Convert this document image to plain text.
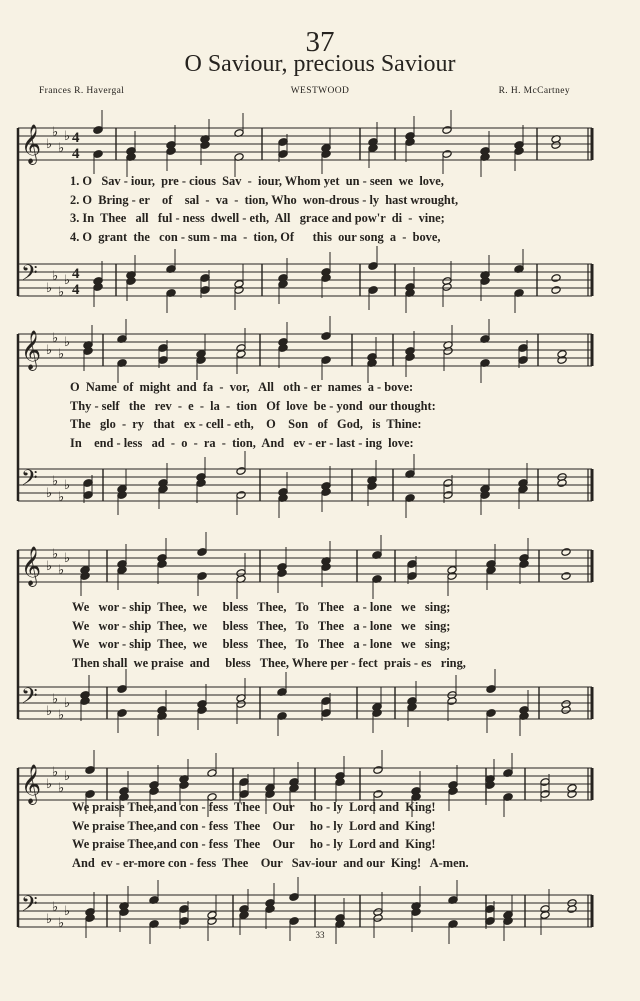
37
O Saviour, precious Saviour
Frances R. Havergal	WESTWOOD	R. H. McCartney
𝄞 ♭
♭
♭
♭ 4
4
𝄢 ♭
♭
♭
♭ 4
4
1. O   Sav - iour,  pre - cious  Sav  -  iour, Whom yet  un - seen  we  love,
2. O  Bring - er    of    sal  -  va  -  tion, Who  won-drous - ly  hast wrought,
3. In  Thee   all   ful - ness  dwell - eth,  All   grace and pow'r  di  -  vine;
4. O  grant  the   con - sum - ma  -  tion, Of      this  our song  a  -  bove,
𝄞 ♭
♭
♭
♭
𝄢 ♭
♭
♭
♭
O  Name  of  might  and  fa  -  vor,   All   oth - er  names  a - bove:
Thy - self   the   rev  -  e  -  la  -  tion   Of  love  be - yond  our thought:
The   glo  -  ry   that   ex - cell - eth,    O    Son   of   God,   is  Thine:
In    end - less   ad  -  o  -  ra  -  tion,  And   ev - er - last - ing  love:
𝄞 ♭
♭
♭
♭
𝄢 ♭
♭
♭
♭
We   wor - ship  Thee,  we     bless   Thee,   To   Thee   a - lone   we   sing;
We   wor - ship  Thee,  we     bless   Thee,   To   Thee   a - lone   we   sing;
We   wor - ship  Thee,  we     bless   Thee,   To   Thee   a - lone   we   sing;
Then shall  we praise  and     bless   Thee, Where per - fect  prais - es   ring,
𝄞 ♭
♭
♭
♭
𝄢 ♭
♭
♭
♭
We praise Thee,and con - fess  Thee    Our     ho - ly  Lord and  King!
We praise Thee,and con - fess  Thee    Our     ho - ly  Lord and  King!
We praise Thee,and con - fess  Thee    Our     ho - ly  Lord and  King!
And  ev - er-more con - fess  Thee    Our   Sav-iour  and our  King!   A-men.
33
